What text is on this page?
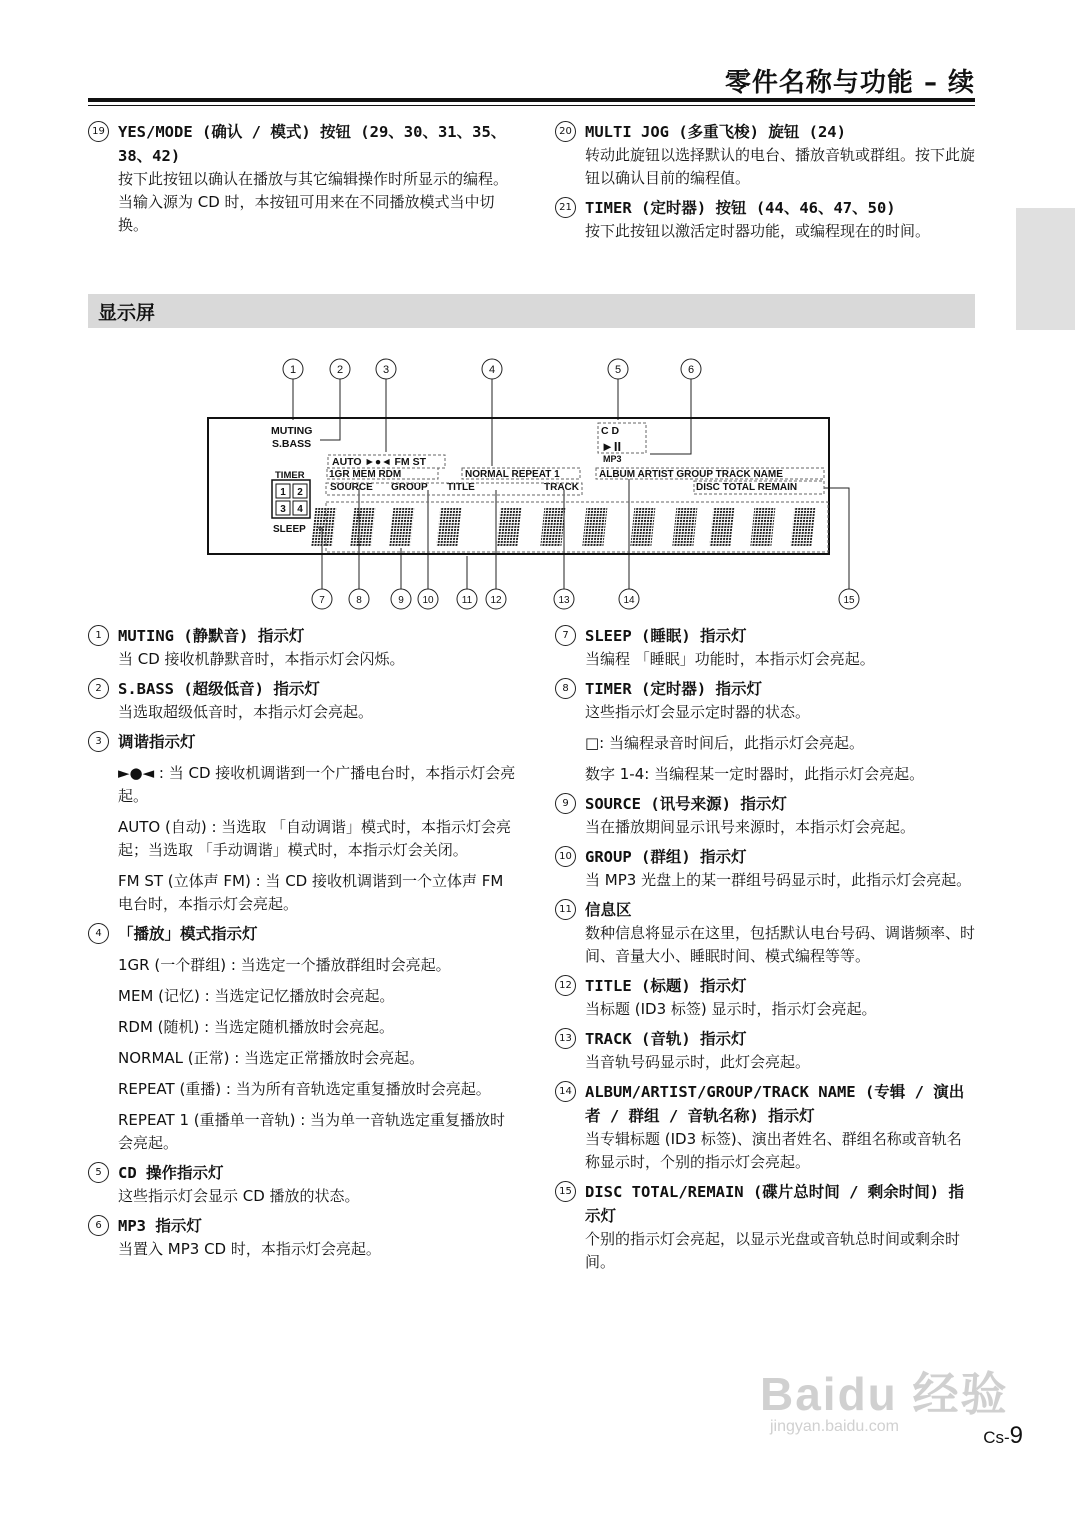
零件名称与功能 – 续
19 YES/MODE (确认 / 模式) 按钮 (29、30、31、35、38、42)
按下此按钮以确认在播放与其它编辑操作时所显示的编程。
当输入源为 CD 时，本按钮可用来在不同播放模式当中切换。
20 MULTI JOG (多重飞梭) 旋钮 (24)
转动此旋钮以选择默认的电台、播放音轨或群组。按下此旋钮以确认目前的编程值。
21 TIMER (定时器) 按钮 (44、46、47、50)
按下此按钮以激活定时器功能，或编程现在的时间。
显示屏
1	2	3	4	5	6
7	8	9 10	11 12	13	14	15
MUTING
S.BASS
AUTO ►●◄ FM ST
C D
►II
MP3
TIMER 1GR MEM RDM	NORMAL REPEAT 1	ALBUM ARTIST GROUP TRACK NAME
SOURCE GROUP TITLE	TRACK	DISC TOTAL REMAIN
SLEEP
1 2
3 4
1	MUTING (静默音) 指示灯
当 CD 接收机静默音时，本指示灯会闪烁。
2	S.BASS (超级低音) 指示灯
当选取超级低音时，本指示灯会亮起。
3	调谐指示灯
►●◄ : 当 CD 接收机调谐到一个广播电台时，本指示灯会亮起。
AUTO (自动) : 当选取 「自动调谐」模式时，本指示灯会亮起；当选取 「手动调谐」模式时，本指示灯会关闭。
FM ST (立体声 FM) : 当 CD 接收机调谐到一个立体声 FM 电台时，本指示灯会亮起。
4	「播放」模式指示灯
1GR (一个群组) : 当选定一个播放群组时会亮起。
MEM (记忆) : 当选定记忆播放时会亮起。
RDM (随机) : 当选定随机播放时会亮起。
NORMAL (正常) : 当选定正常播放时会亮起。
REPEAT (重播) : 当为所有音轨选定重复播放时会亮起。
REPEAT 1 (重播单一音轨) : 当为单一音轨选定重复播放时会亮起。
5	CD 操作指示灯
这些指示灯会显示 CD 播放的状态。
6	MP3 指示灯
当置入 MP3 CD 时，本指示灯会亮起。
7	SLEEP (睡眠) 指示灯
当编程 「睡眠」功能时，本指示灯会亮起。
8	TIMER (定时器) 指示灯
这些指示灯会显示定时器的状态。
□: 当编程录音时间后，此指示灯会亮起。
数字 1-4: 当编程某一定时器时，此指示灯会亮起。
9	SOURCE (讯号来源) 指示灯
当在播放期间显示讯号来源时，本指示灯会亮起。
10 GROUP (群组) 指示灯
当 MP3 光盘上的某一群组号码显示时，此指示灯会亮起。
11 信息区
数种信息将显示在这里，包括默认电台号码、调谐频率、时间、音量大小、睡眠时间、模式编程等等。
12 TITLE (标题) 指示灯
当标题 (ID3 标签) 显示时，指示灯会亮起。
13 TRACK (音轨) 指示灯
当音轨号码显示时，此灯会亮起。
14 ALBUM/ARTIST/GROUP/TRACK NAME (专辑 / 演出者 / 群组 / 音轨名称) 指示灯
当专辑标题 (ID3 标签)、演出者姓名、群组名称或音轨名称显示时，个别的指示灯会亮起。
15 DISC TOTAL/REMAIN (碟片总时间 / 剩余时间) 指示灯
个别的指示灯会亮起，以显示光盘或音轨总时间或剩余时间。
Baidu 经验
jingyan.baidu.com
Cs-9
